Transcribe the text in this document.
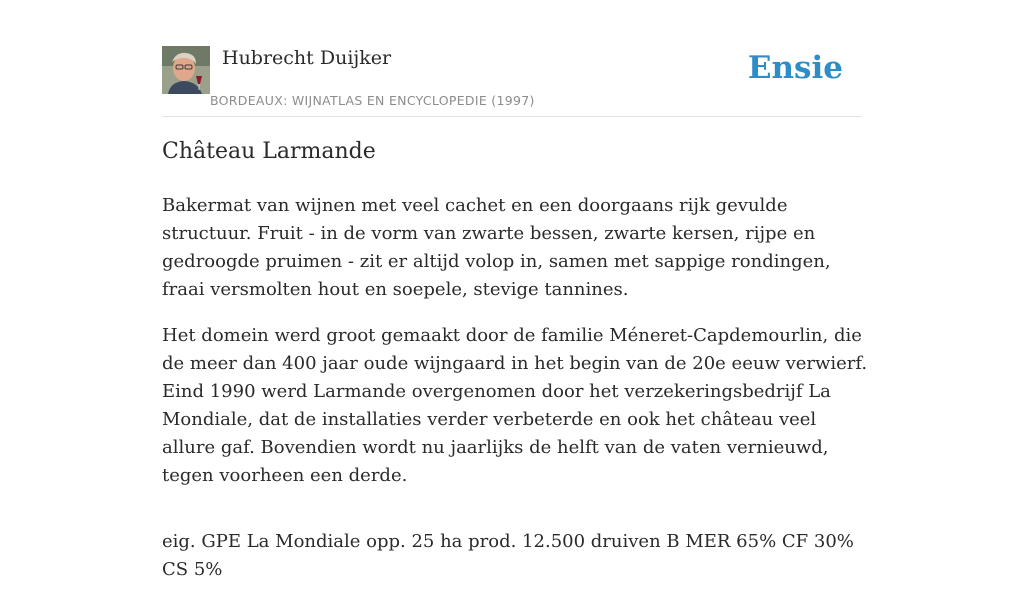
Hubrecht Duijker
BORDEAUX: WIJNATLAS EN ENCYCLOPEDIE (1997)
Ensie
Château Larmande

Bakermat van wijnen met veel cachet en een doorgaans rijk gevulde structuur. Fruit - in de vorm van zwarte bessen, zwarte kersen, rijpe en gedroogde pruimen - zit er altijd volop in, samen met sappige rondingen, fraai versmolten hout en soepele, stevige tannines.

Het domein werd groot gemaakt door de familie Méneret-Capdemourlin, die de meer dan 400 jaar oude wijngaard in het begin van de 20e eeuw verwierf. Eind 1990 werd Larmande overgenomen door het verzekeringsbedrijf La Mondiale, dat de installaties verder verbeterde en ook het château veel allure gaf. Bovendien wordt nu jaarlijks de helft van de vaten vernieuwd, tegen voorheen een derde.

eig. GPE La Mondiale opp. 25 ha prod. 12.500 druiven B MER 65% CF 30% CS 5%
